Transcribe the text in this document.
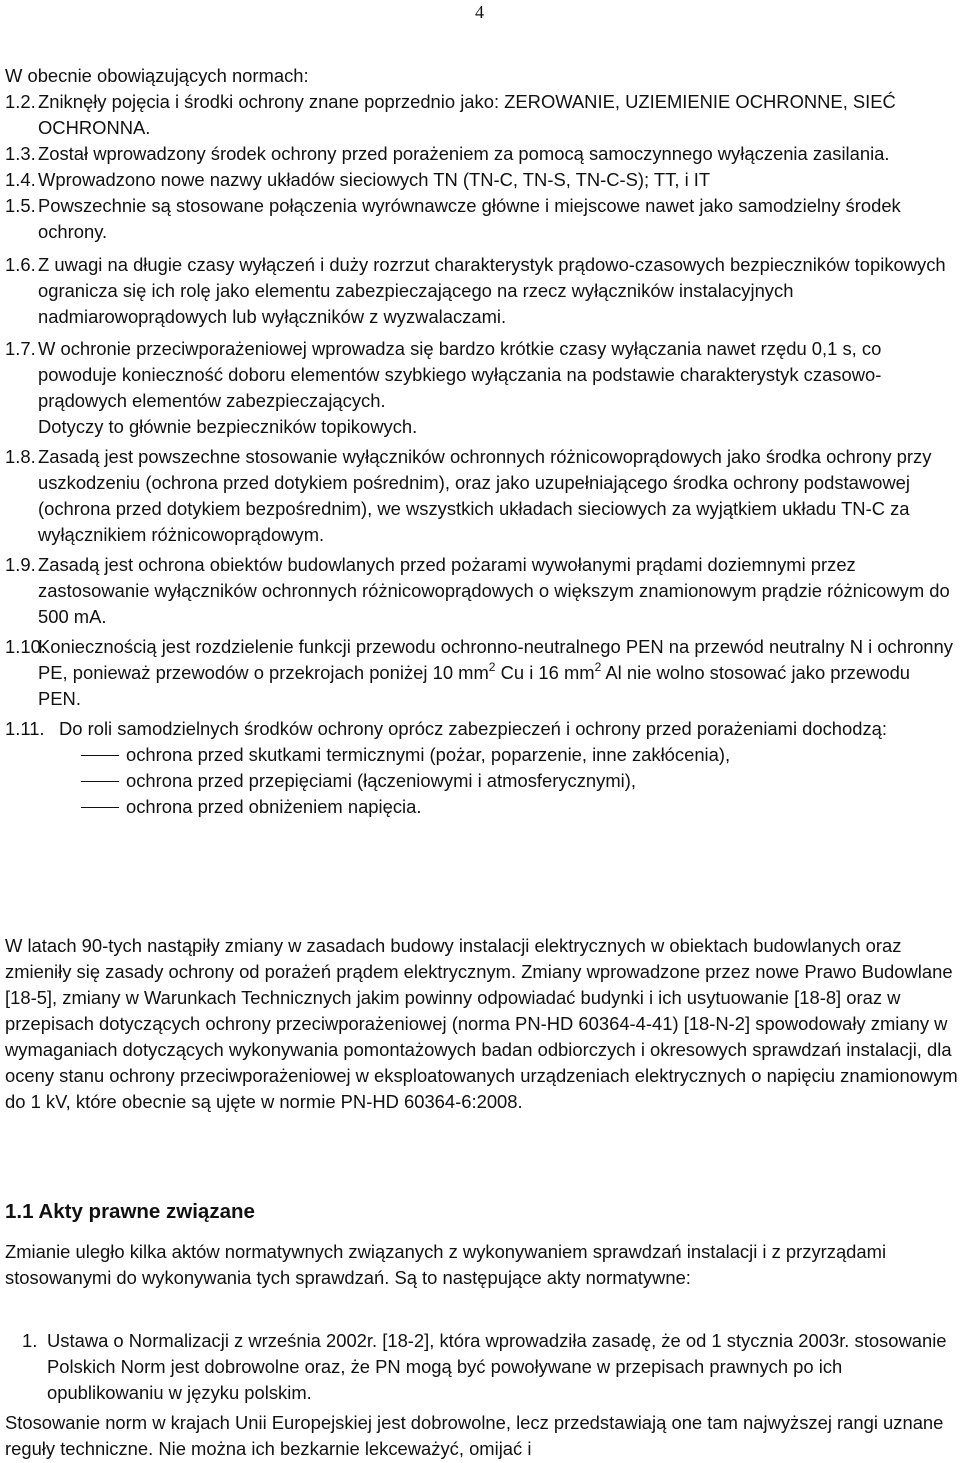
4
W obecnie obowiązujących normach:
1.2. Zniknęły pojęcia i środki ochrony znane poprzednio jako: ZEROWANIE, UZIEMIENIE OCHRONNE, SIEĆ OCHRONNA.
1.3. Został wprowadzony środek ochrony przed porażeniem za pomocą samoczynnego wyłączenia zasilania.
1.4. Wprowadzono nowe nazwy układów sieciowych TN (TN-C, TN-S, TN-C-S); TT, i IT
1.5. Powszechnie są stosowane połączenia wyrównawcze główne i miejscowe nawet jako samodzielny środek ochrony.
1.6. Z uwagi na długie czasy wyłączeń i duży rozrzut charakterystyk prądowo-czasowych bezpieczników topikowych ogranicza się ich rolę jako elementu zabezpieczającego na rzecz wyłączników instalacyjnych nadmiarowoprądowych lub wyłączników z wyzwalaczami.
1.7. W ochronie przeciwporażeniowej wprowadza się bardzo krótkie czasy wyłączania nawet rzędu 0,1 s, co powoduje konieczność doboru elementów szybkiego wyłączania na podstawie charakterystyk czasowo-prądowych elementów zabezpieczających.
Dotyczy to głównie bezpieczników topikowych.
1.8. Zasadą jest powszechne stosowanie wyłączników ochronnych różnicowoprądowych jako środka ochrony przy uszkodzeniu (ochrona przed dotykiem pośrednim), oraz jako uzupełniającego środka ochrony podstawowej (ochrona przed dotykiem bezpośrednim), we wszystkich układach sieciowych za wyjątkiem układu TN-C za wyłącznikiem różnicowoprądowym.
1.9. Zasadą jest ochrona obiektów budowlanych przed pożarami wywołanymi prądami doziemnymi przez zastosowanie wyłączników ochronnych różnicowoprądowych o większym znamionowym prądzie różnicowym do 500 mA.
1.10.
Koniecznością jest rozdzielenie funkcji przewodu ochronno-neutralnego PEN na przewód neutralny N i ochronny PE, ponieważ przewodów o przekrojach poniżej 10 $mm^2$ Cu i 16 $mm^2$ Al nie wolno stosować jako przewodu PEN.
1.11. Do roli samodzielnych środków ochrony oprócz zabezpieczeń i ochrony przed porażeniami dochodzą:
ochrona przed skutkami termicznymi (pożar, poparzenie, inne zakłócenia),
ochrona przed przepięciami (łączeniowymi i atmosferycznymi),
ochrona przed obniżeniem napięcia.
W latach 90-tych nastąpiły zmiany w zasadach budowy instalacji elektrycznych w obiektach budowlanych oraz zmieniły się zasady ochrony od porażeń prądem elektrycznym. Zmiany wprowadzone przez nowe Prawo Budowlane [18-5], zmiany w Warunkach Technicznych jakim powinny odpowiadać budynki i ich usytuowanie [18-8] oraz w przepisach dotyczących ochrony przeciwporażeniowej (norma PN-HD 60364-4-41) [18-N-2] spowodowały zmiany w wymaganiach dotyczących wykonywania pomontażowych badan odbiorczych i okresowych sprawdzań instalacji, dla oceny stanu ochrony przeciwporażeniowej w eksploatowanych urządzeniach elektrycznych o napięciu znamionowym do 1 kV, które obecnie są ujęte w normie PN-HD 60364-6:2008.
1.1 Akty prawne związane
Zmianie uległo kilka aktów normatywnych związanych z wykonywaniem sprawdzań instalacji i z przyrządami stosowanymi do wykonywania tych sprawdzań. Są to następujące akty normatywne:
1. Ustawa o Normalizacji z września 2002r. [18-2], która wprowadziła zasadę, że od 1 stycznia 2003r. stosowanie Polskich Norm jest dobrowolne oraz, że PN mogą być powoływane w przepisach prawnych po ich opublikowaniu w języku polskim.
Stosowanie norm w krajach Unii Europejskiej jest dobrowolne, lecz przedstawiają one tam najwyższej rangi uznane reguły techniczne. Nie można ich bezkarnie lekceważyć, omijać i
